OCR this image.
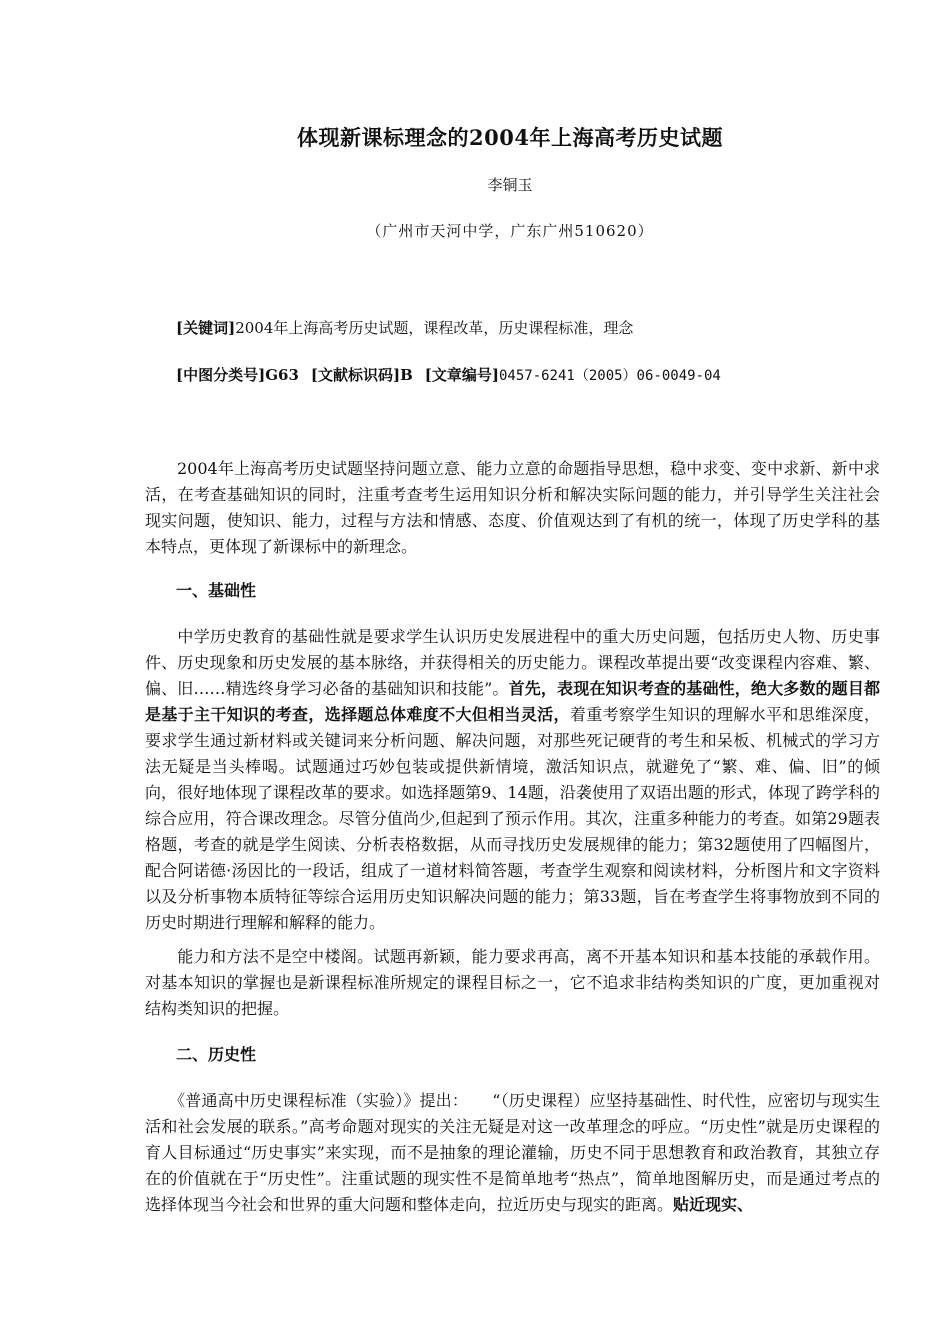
体现新课标理念的2004年上海高考历史试题
李铜玉
（广州市天河中学，广东广州510620）
[关键词]2004年上海高考历史试题，课程改革，历史课程标准，理念
[中图分类号]G63 [文献标识码]B [文章编号]0457-6241（2005）06-0049-04
2004年上海高考历史试题坚持问题立意、能力立意的命题指导思想，稳中求变、变中求新、新中求活，在考查基础知识的同时，注重考查考生运用知识分析和解决实际问题的能力，并引导学生关注社会现实问题，使知识、能力，过程与方法和情感、态度、价值观达到了有机的统一，体现了历史学科的基本特点，更体现了新课标中的新理念。
一、基础性
中学历史教育的基础性就是要求学生认识历史发展进程中的重大历史问题，包括历史人物、历史事件、历史现象和历史发展的基本脉络，并获得相关的历史能力。课程改革提出要“改变课程内容难、繁、偏、旧……精选终身学习必备的基础知识和技能”。首先，表现在知识考查的基础性，绝大多数的题目都是基于主干知识的考查，选择题总体难度不大但相当灵活，着重考察学生知识的理解水平和思维深度，要求学生通过新材料或关键词来分析问题、解决问题，对那些死记硬背的考生和呆板、机械式的学习方法无疑是当头棒喝。试题通过巧妙包装或提供新情境，激活知识点，就避免了“繁、难、偏、旧”的倾向，很好地体现了课程改革的要求。如选择题第9、14题，沿袭使用了双语出题的形式，体现了跨学科的综合应用，符合课改理念。尽管分值尚少,但起到了预示作用。其次，注重多种能力的考查。如第29题表格题，考查的就是学生阅读、分析表格数据，从而寻找历史发展规律的能力；第32题使用了四幅图片，配合阿诺德·汤因比的一段话，组成了一道材料简答题，考查学生观察和阅读材料，分析图片和文字资料以及分析事物本质特征等综合运用历史知识解决问题的能力；第33题，旨在考查学生将事物放到不同的历史时期进行理解和解释的能力。
能力和方法不是空中楼阁。试题再新颖，能力要求再高，离不开基本知识和基本技能的承载作用。对基本知识的掌握也是新课程标准所规定的课程目标之一，它不追求非结构类知识的广度，更加重视对结构类知识的把握。
二、历史性
《普通高中历史课程标准（实验）》提出：　　“（历史课程）应坚持基础性、时代性，应密切与现实生活和社会发展的联系。”高考命题对现实的关注无疑是对这一改革理念的呼应。“历史性”就是历史课程的育人目标通过“历史事实”来实现，而不是抽象的理论灌输，历史不同于思想教育和政治教育，其独立存在的价值就在于“历史性”。注重试题的现实性不是简单地考“热点”，简单地图解历史，而是通过考点的选择体现当今社会和世界的重大问题和整体走向，拉近历史与现实的距离。贴近现实、
